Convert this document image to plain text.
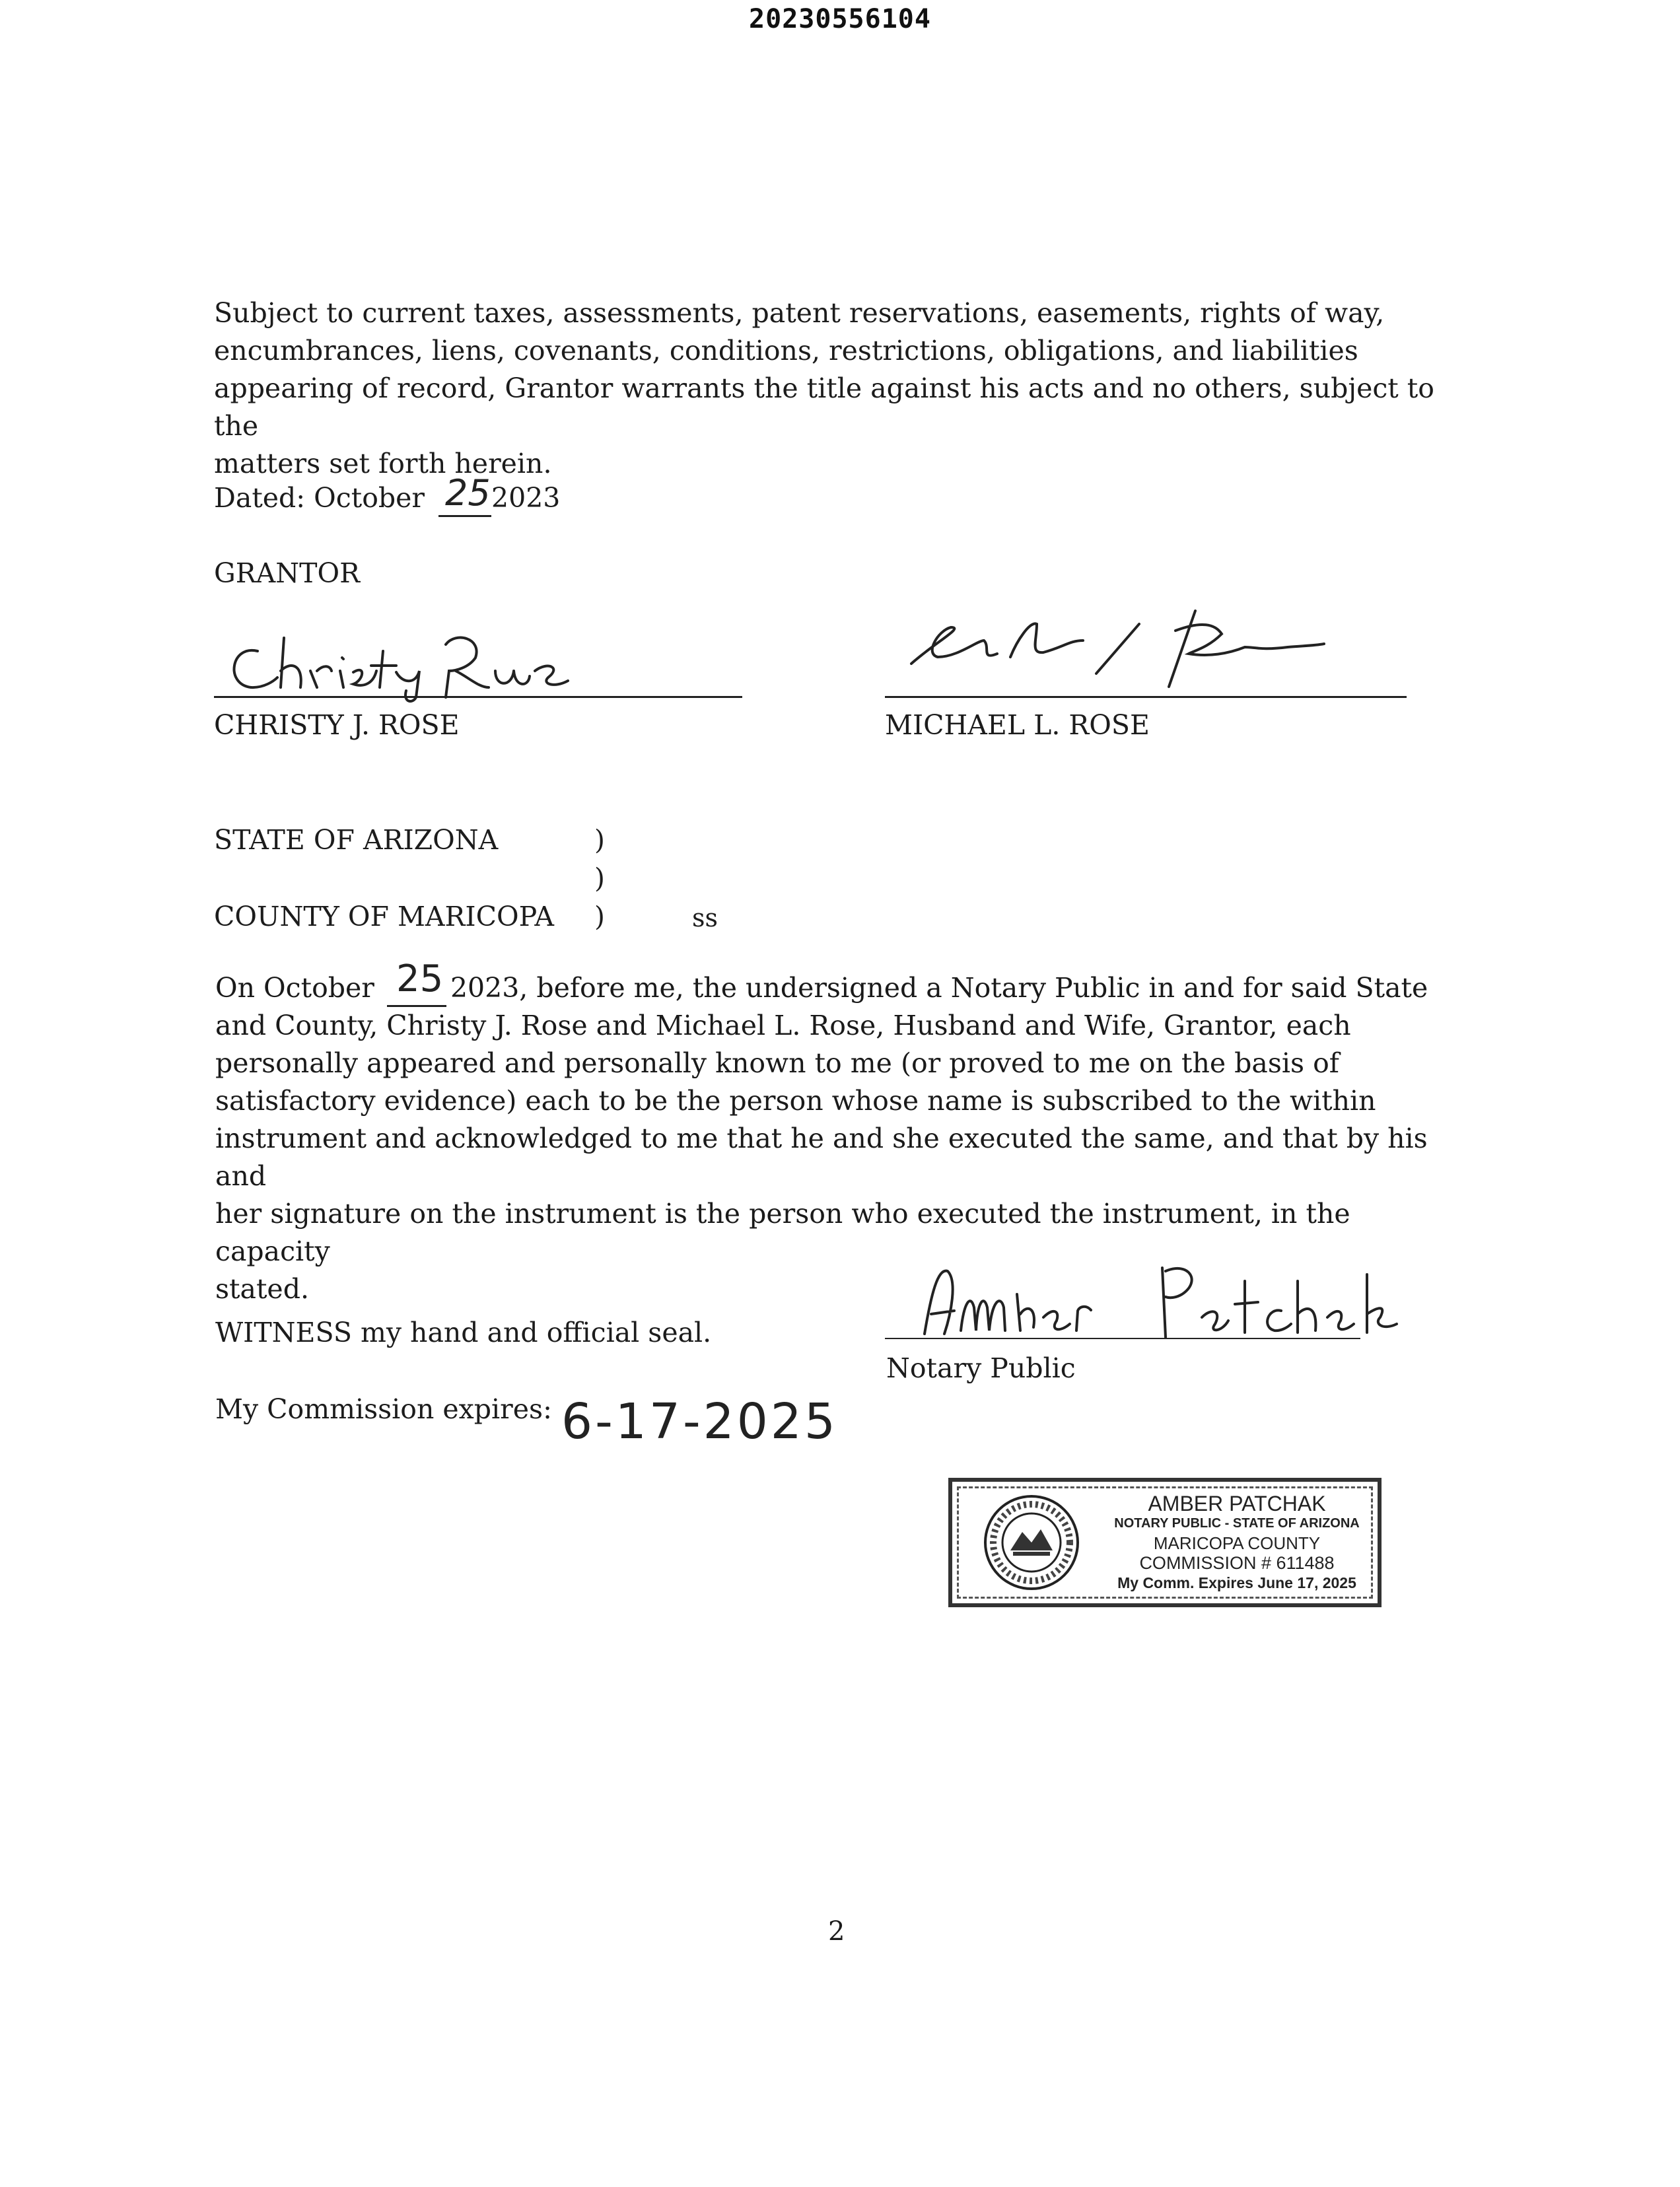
20230556104
Subject to current taxes, assessments, patent reservations, easements, rights of way,
encumbrances, liens, covenants, conditions, restrictions, obligations, and liabilities
appearing of record, Grantor warrants the title against his acts and no others, subject to the
matters set forth herein.
Dated: October 25 2023
GRANTOR
CHRISTY J. ROSE	MICHAEL L. ROSE
STATE OF ARIZONA	)
)
COUNTY OF MARICOPA )	ss
On October 25 2023, before me, the undersigned a Notary Public in and for said State
and County, Christy J. Rose and Michael L. Rose, Husband and Wife, Grantor, each
personally appeared and personally known to me (or proved to me on the basis of
satisfactory evidence) each to be the person whose name is subscribed to the within
instrument and acknowledged to me that he and she executed the same, and that by his and
her signature on the instrument is the person who executed the instrument, in the capacity
stated.
WITNESS my hand and official seal.
Notary Public
My Commission expires: 6-17-2025
AMBER PATCHAK
NOTARY PUBLIC - STATE OF ARIZONA
MARICOPA COUNTY
COMMISSION # 611488
My Comm. Expires June 17, 2025
2
